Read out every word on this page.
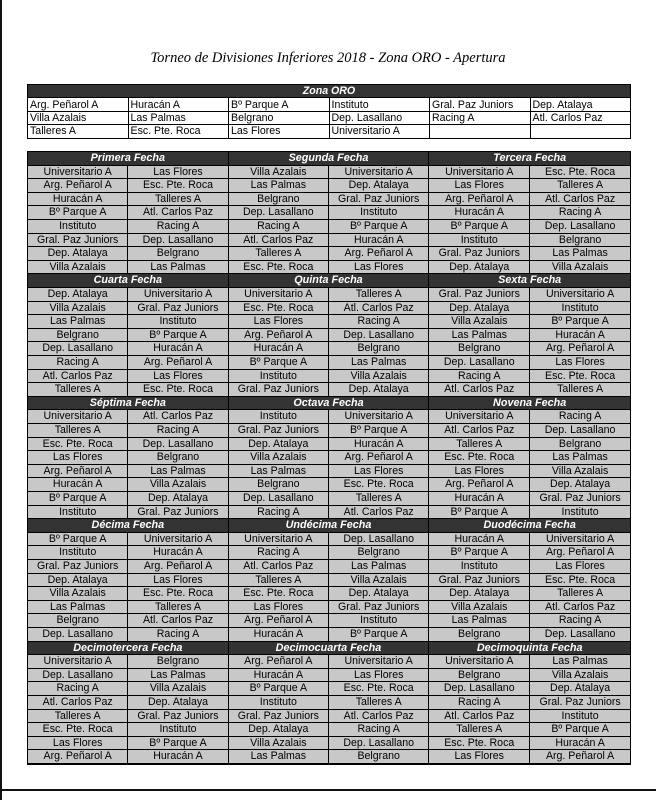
Torneo de Divisiones Inferiores 2018 - Zona ORO - Apertura
Zona ORO					
Arg. Peñarol A	Huracán A	Bº Parque A	Instituto	Gral. Paz Juniors	Dep. Atalaya
Villa Azalais	Las Palmas	Belgrano	Dep. Lasallano	Racing A	Atl. Carlos Paz
Talleres A	Esc. Pte. Roca	Las Flores	Universitario A		
Primera Fecha
Universitario A	Las Flores
Arg. Peñarol A	Esc. Pte. Roca
Huracán A	Talleres A
Bº Parque A	Atl. Carlos Paz
Instituto	Racing A
Gral. Paz Juniors	Dep. Lasallano
Dep. Atalaya	Belgrano
Villa Azalais	Las Palmas
Segunda Fecha
Villa Azalais	Universitario A
Las Palmas	Dep. Atalaya
Belgrano	Gral. Paz Juniors
Dep. Lasallano	Instituto
Racing A	Bº Parque A
Atl. Carlos Paz	Huracán A
Talleres A	Arg. Peñarol A
Esc. Pte. Roca	Las Flores
Tercera Fecha
Universitario A	Esc. Pte. Roca
Las Flores	Talleres A
Arg. Peñarol A	Atl. Carlos Paz
Huracán A	Racing A
Bº Parque A	Dep. Lasallano
Instituto	Belgrano
Gral. Paz Juniors	Las Palmas
Dep. Atalaya	Villa Azalais
Cuarta Fecha
Dep. Atalaya	Universitario A
Villa Azalais	Gral. Paz Juniors
Las Palmas	Instituto
Belgrano	Bº Parque A
Dep. Lasallano	Huracán A
Racing A	Arg. Peñarol A
Atl. Carlos Paz	Las Flores
Talleres A	Esc. Pte. Roca
Quinta Fecha
Universitario A	Talleres A
Esc. Pte. Roca	Atl. Carlos Paz
Las Flores	Racing A
Arg. Peñarol A	Dep. Lasallano
Huracán A	Belgrano
Bº Parque A	Las Palmas
Instituto	Villa Azalais
Gral. Paz Juniors	Dep. Atalaya
Sexta Fecha
Gral. Paz Juniors	Universitario A
Dep. Atalaya	Instituto
Villa Azalais	Bº Parque A
Las Palmas	Huracán A
Belgrano	Arg. Peñarol A
Dep. Lasallano	Las Flores
Racing A	Esc. Pte. Roca
Atl. Carlos Paz	Talleres A
Séptima Fecha
Universitario A	Atl. Carlos Paz
Talleres A	Racing A
Esc. Pte. Roca	Dep. Lasallano
Las Flores	Belgrano
Arg. Peñarol A	Las Palmas
Huracán A	Villa Azalais
Bº Parque A	Dep. Atalaya
Instituto	Gral. Paz Juniors
Octava Fecha
Instituto	Universitario A
Gral. Paz Juniors	Bº Parque A
Dep. Atalaya	Huracán A
Villa Azalais	Arg. Peñarol A
Las Palmas	Las Flores
Belgrano	Esc. Pte. Roca
Dep. Lasallano	Talleres A
Racing A	Atl. Carlos Paz
Novena Fecha
Universitario A	Racing A
Atl. Carlos Paz	Dep. Lasallano
Talleres A	Belgrano
Esc. Pte. Roca	Las Palmas
Las Flores	Villa Azalais
Arg. Peñarol A	Dep. Atalaya
Huracán A	Gral. Paz Juniors
Bº Parque A	Instituto
Décima Fecha
Bº Parque A	Universitario A
Instituto	Huracán A
Gral. Paz Juniors	Arg. Peñarol A
Dep. Atalaya	Las Flores
Villa Azalais	Esc. Pte. Roca
Las Palmas	Talleres A
Belgrano	Atl. Carlos Paz
Dep. Lasallano	Racing A
Undécima Fecha
Universitario A	Dep. Lasallano
Racing A	Belgrano
Atl. Carlos Paz	Las Palmas
Talleres A	Villa Azalais
Esc. Pte. Roca	Dep. Atalaya
Las Flores	Gral. Paz Juniors
Arg. Peñarol A	Instituto
Huracán A	Bº Parque A
Duodécima Fecha
Huracán A	Universitario A
Bº Parque A	Arg. Peñarol A
Instituto	Las Flores
Gral. Paz Juniors	Esc. Pte. Roca
Dep. Atalaya	Talleres A
Villa Azalais	Atl. Carlos Paz
Las Palmas	Racing A
Belgrano	Dep. Lasallano
Decimotercera Fecha
Universitario A	Belgrano
Dep. Lasallano	Las Palmas
Racing A	Villa Azalais
Atl. Carlos Paz	Dep. Atalaya
Talleres A	Gral. Paz Juniors
Esc. Pte. Roca	Instituto
Las Flores	Bº Parque A
Arg. Peñarol A	Huracán A
Decimocuarta Fecha
Arg. Peñarol A	Universitario A
Huracán A	Las Flores
Bº Parque A	Esc. Pte. Roca
Instituto	Talleres A
Gral. Paz Juniors	Atl. Carlos Paz
Dep. Atalaya	Racing A
Villa Azalais	Dep. Lasallano
Las Palmas	Belgrano
Decimoquinta Fecha
Universitario A	Las Palmas
Belgrano	Villa Azalais
Dep. Lasallano	Dep. Atalaya
Racing A	Gral. Paz Juniors
Atl. Carlos Paz	Instituto
Talleres A	Bº Parque A
Esc. Pte. Roca	Huracán A
Las Flores	Arg. Peñarol A
